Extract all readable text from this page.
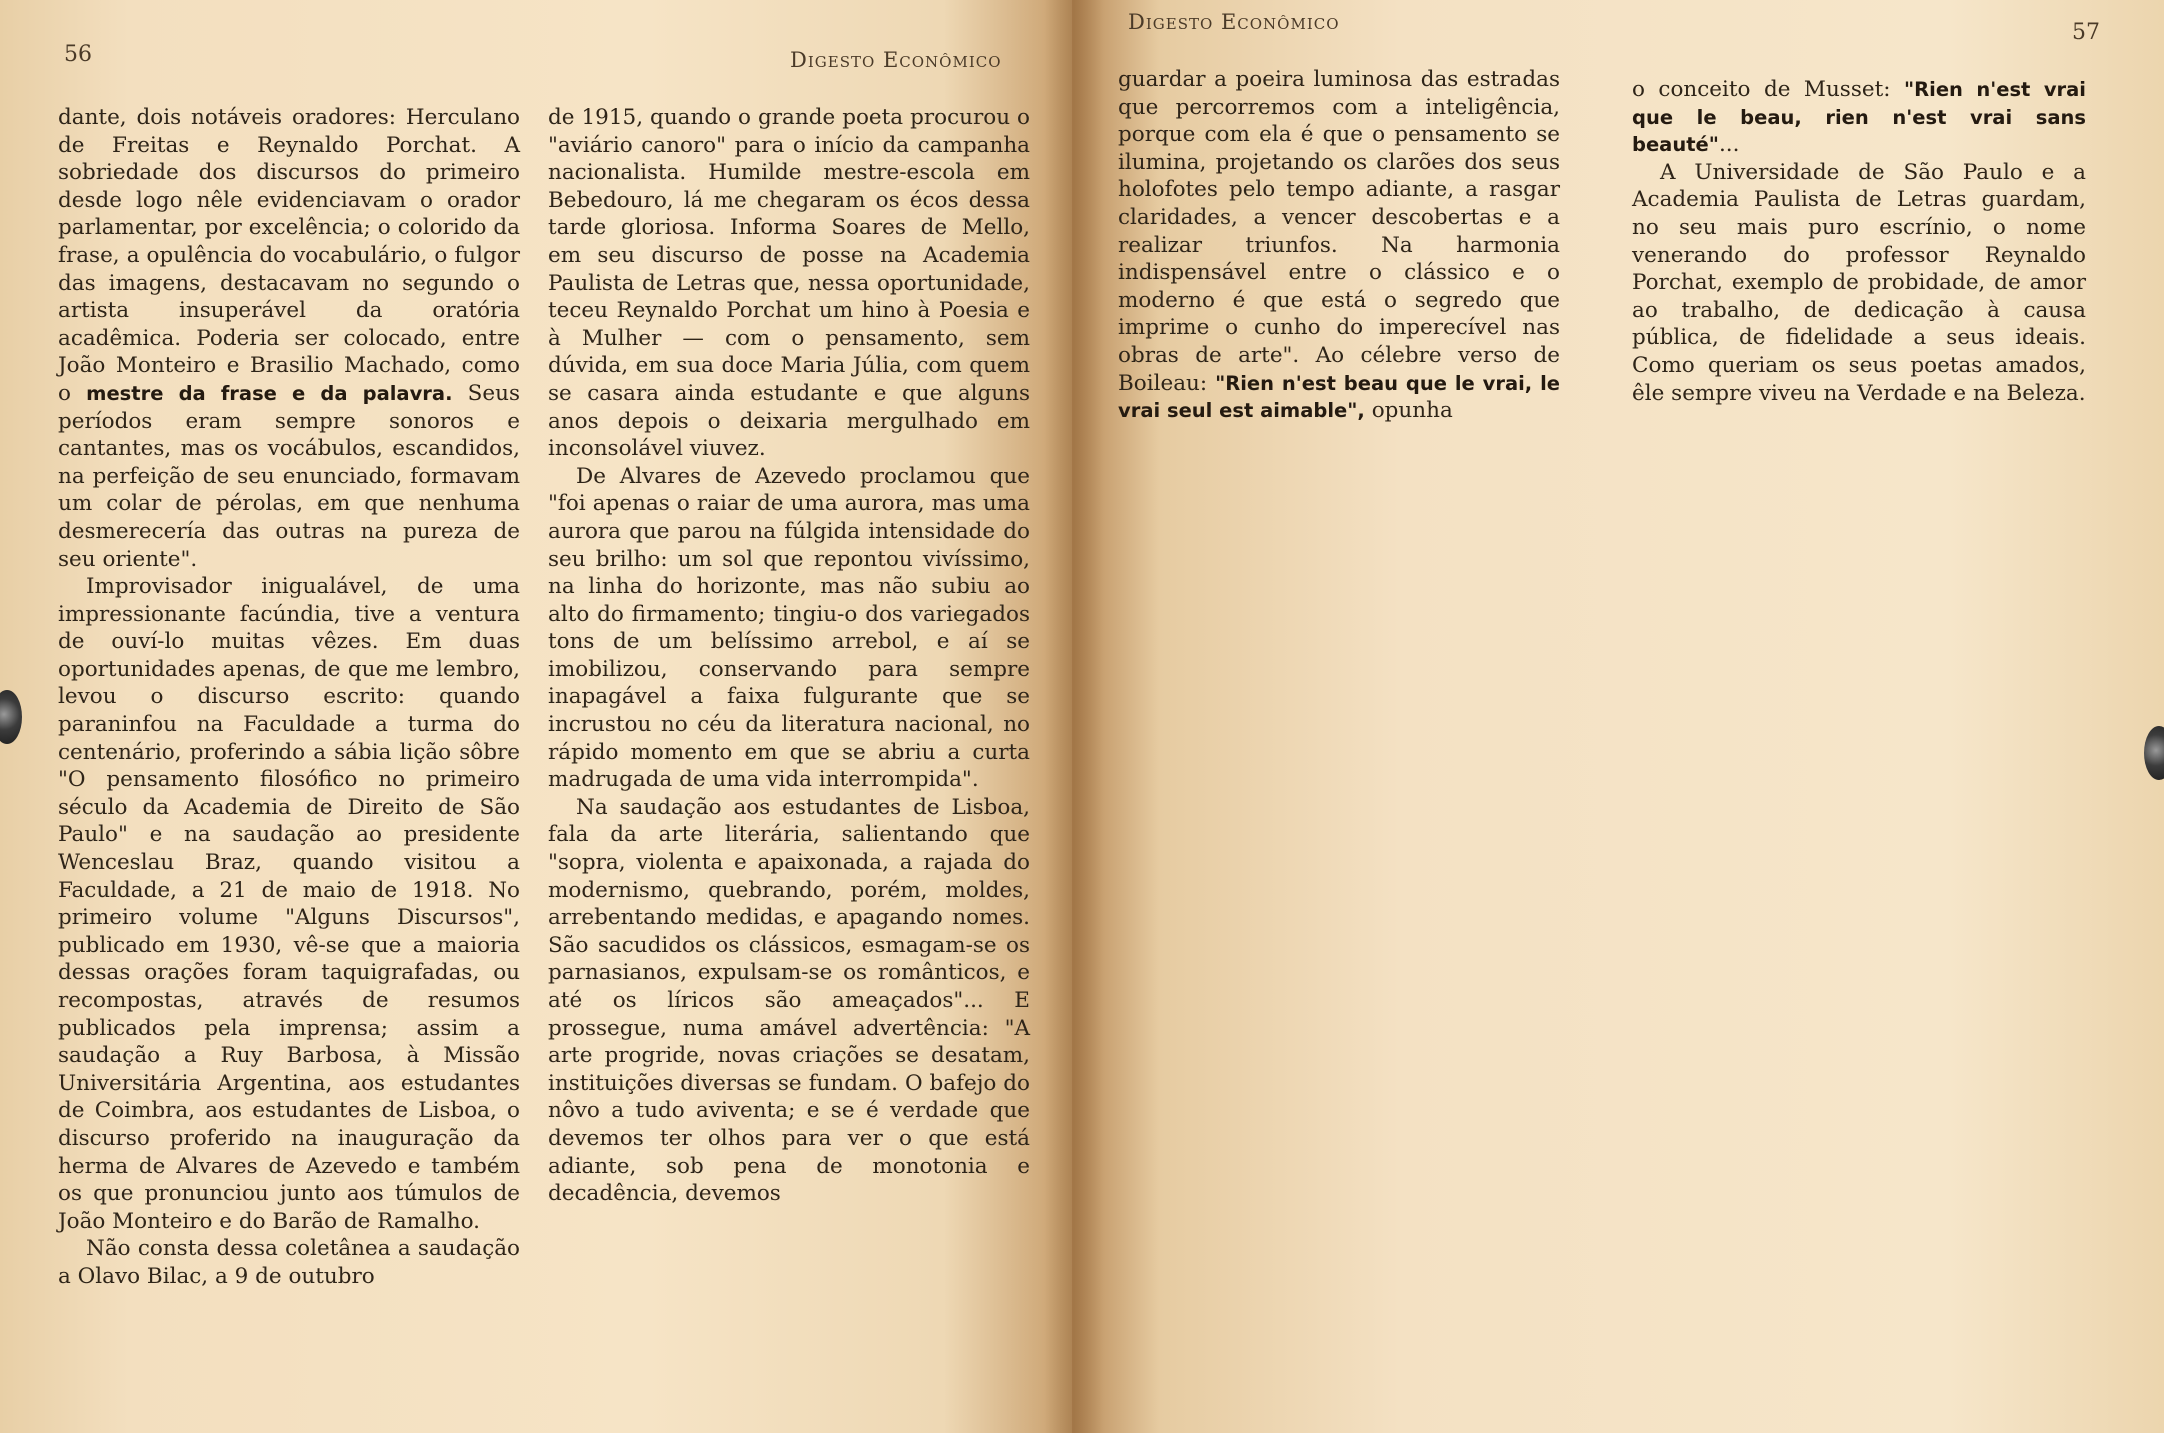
56	Digesto Econômico

dante, dois notáveis oradores: Herculano de Freitas e Reynaldo Porchat. A sobriedade dos discursos do primeiro desde logo nêle evidenciavam o orador parlamentar, por excelência; o colorido da frase, a opulência do vocabulário, o fulgor das imagens, destacavam no segundo o artista insuperável da oratória acadêmica. Poderia ser colocado, entre João Monteiro e Brasilio Machado, como o mestre da frase e da palavra. Seus períodos eram sempre sonoros e cantantes, mas os vocábulos, escandidos, na perfeição de seu enunciado, formavam um colar de pérolas, em que nenhuma desmerecería das outras na pureza de seu oriente".

Improvisador inigualável, de uma impressionante facúndia, tive a ventura de ouví-lo muitas vêzes. Em duas oportunidades apenas, de que me lembro, levou o discurso escrito: quando paraninfou na Faculdade a turma do centenário, proferindo a sábia lição sôbre "O pensamento filosófico no primeiro século da Academia de Direito de São Paulo" e na saudação ao presidente Wenceslau Braz, quando visitou a Faculdade, a 21 de maio de 1918. No primeiro volume "Alguns Discursos", publicado em 1930, vê-se que a maioria dessas orações foram taquigrafadas, ou recompostas, através de resumos publicados pela imprensa; assim a saudação a Ruy Barbosa, à Missão Universitária Argentina, aos estudantes de Coimbra, aos estudantes de Lisboa, o discurso proferido na inauguração da herma de Alvares de Azevedo e também os que pronunciou junto aos túmulos de João Monteiro e do Barão de Ramalho.

Não consta dessa coletânea a saudação a Olavo Bilac, a 9 de outubro

de 1915, quando o grande poeta procurou o "aviário canoro" para o início da campanha nacionalista. Humilde mestre-escola em Bebedouro, lá me chegaram os écos dessa tarde gloriosa. Informa Soares de Mello, em seu discurso de posse na Academia Paulista de Letras que, nessa oportunidade, teceu Reynaldo Porchat um hino à Poesia e à Mulher — com o pensamento, sem dúvida, em sua doce Maria Júlia, com quem se casara ainda estudante e que alguns anos depois o deixaria mergulhado em inconsolável viuvez.

De Alvares de Azevedo proclamou que "foi apenas o raiar de uma aurora, mas uma aurora que parou na fúlgida intensidade do seu brilho: um sol que repontou vivíssimo, na linha do horizonte, mas não subiu ao alto do firmamento; tingiu-o dos variegados tons de um belíssimo arrebol, e aí se imobilizou, conservando para sempre inapagável a faixa fulgurante que se incrustou no céu da literatura nacional, no rápido momento em que se abriu a curta madrugada de uma vida interrompida".

Na saudação aos estudantes de Lisboa, fala da arte literária, salientando que "sopra, violenta e apaixonada, a rajada do modernismo, quebrando, porém, moldes, arrebentando medidas, e apagando nomes. São sacudidos os clássicos, esmagam-se os parnasianos, expulsam-se os românticos, e até os líricos são ameaçados"... E prossegue, numa amável advertência: "A arte progride, novas criações se desatam, instituições diversas se fundam. O bafejo do nôvo a tudo aviventa; e se é verdade que devemos ter olhos para ver o que está adiante, sob pena de monotonia e decadência, devemos

Digesto Econômico	57

guardar a poeira luminosa das estradas que percorremos com a inteligência, porque com ela é que o pensamento se ilumina, projetando os clarões dos seus holofotes pelo tempo adiante, a rasgar claridades, a vencer descobertas e a realizar triunfos. Na harmonia indispensável entre o clássico e o moderno é que está o segredo que imprime o cunho do imperecível nas obras de arte". Ao célebre verso de Boileau: "Rien n'est beau que le vrai, le vrai seul est aimable", opunha

o conceito de Musset: "Rien n'est vrai que le beau, rien n'est vrai sans beauté"...

A Universidade de São Paulo e a Academia Paulista de Letras guardam, no seu mais puro escrínio, o nome venerando do professor Reynaldo Porchat, exemplo de probidade, de amor ao trabalho, de dedicação à causa pública, de fidelidade a seus ideais. Como queriam os seus poetas amados, êle sempre viveu na Verdade e na Beleza.
